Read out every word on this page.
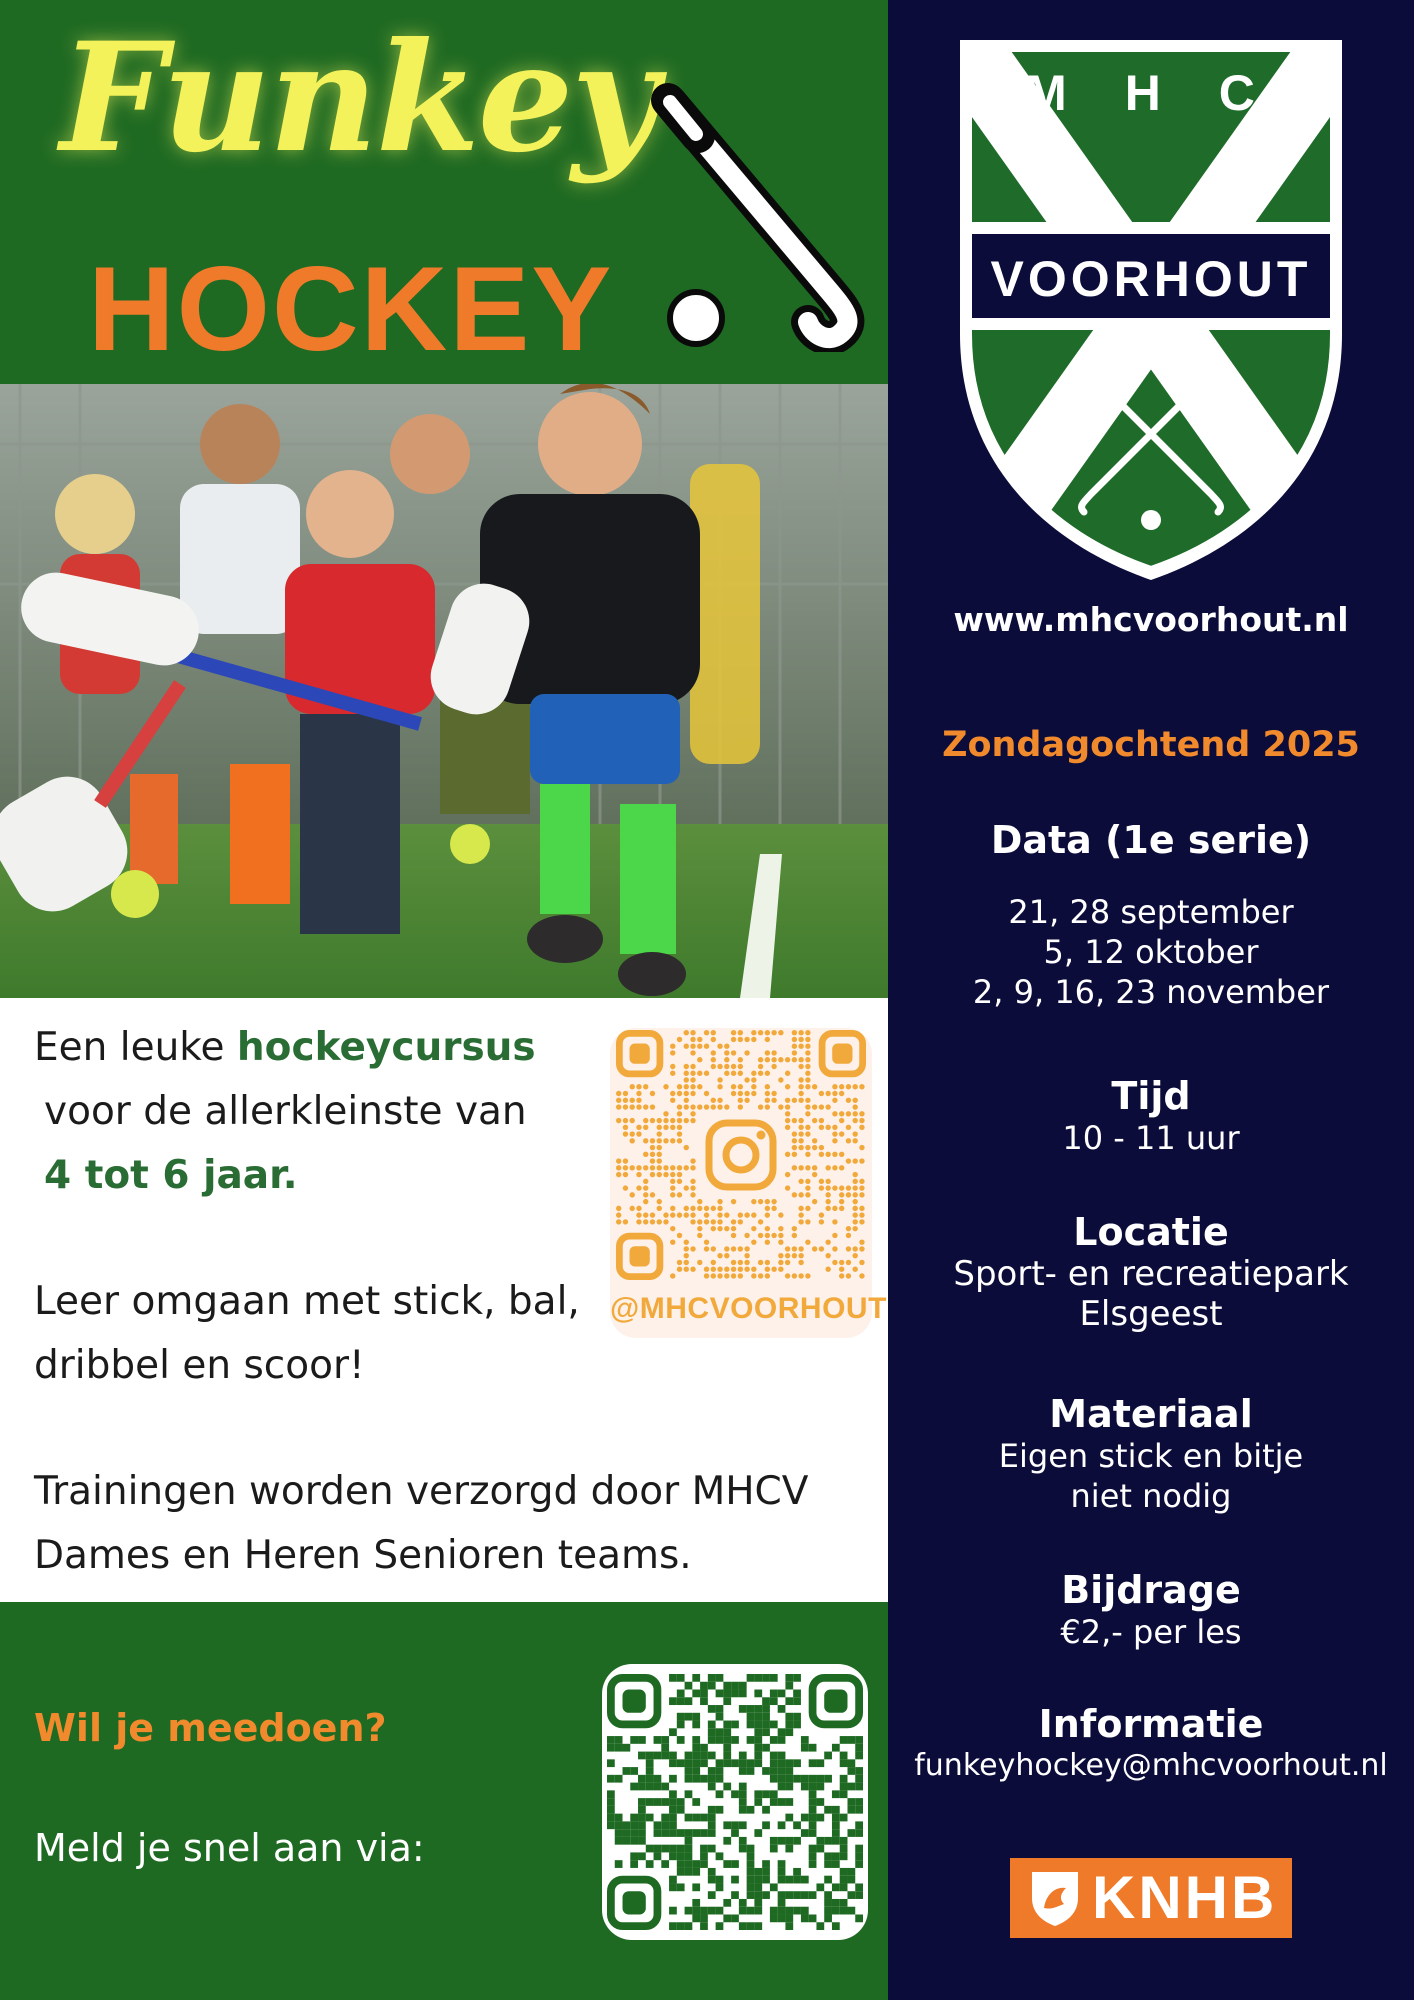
Funkey
HOCKEY
Een leuke hockeycursus
voor de allerkleinste van
4 tot 6 jaar.
Leer omgaan met stick, bal, dribbel en scoor!
Trainingen worden verzorgd door MHCV Dames en Heren Senioren teams.
@MHCVOORHOUT
Wil je meedoen?
Meld je snel aan via:
M H C
VOORHOUT
www.mhcvoorhout.nl
Zondagochtend 2025
Data (1e serie)
21, 28 september
5, 12 oktober
2, 9, 16, 23 november
Tijd
10 - 11 uur
Locatie
Sport- en recreatiepark
Elsgeest
Materiaal
Eigen stick en bitje
niet nodig
Bijdrage
€2,- per les
Informatie
funkeyhockey@mhcvoorhout.nl
KNHB
